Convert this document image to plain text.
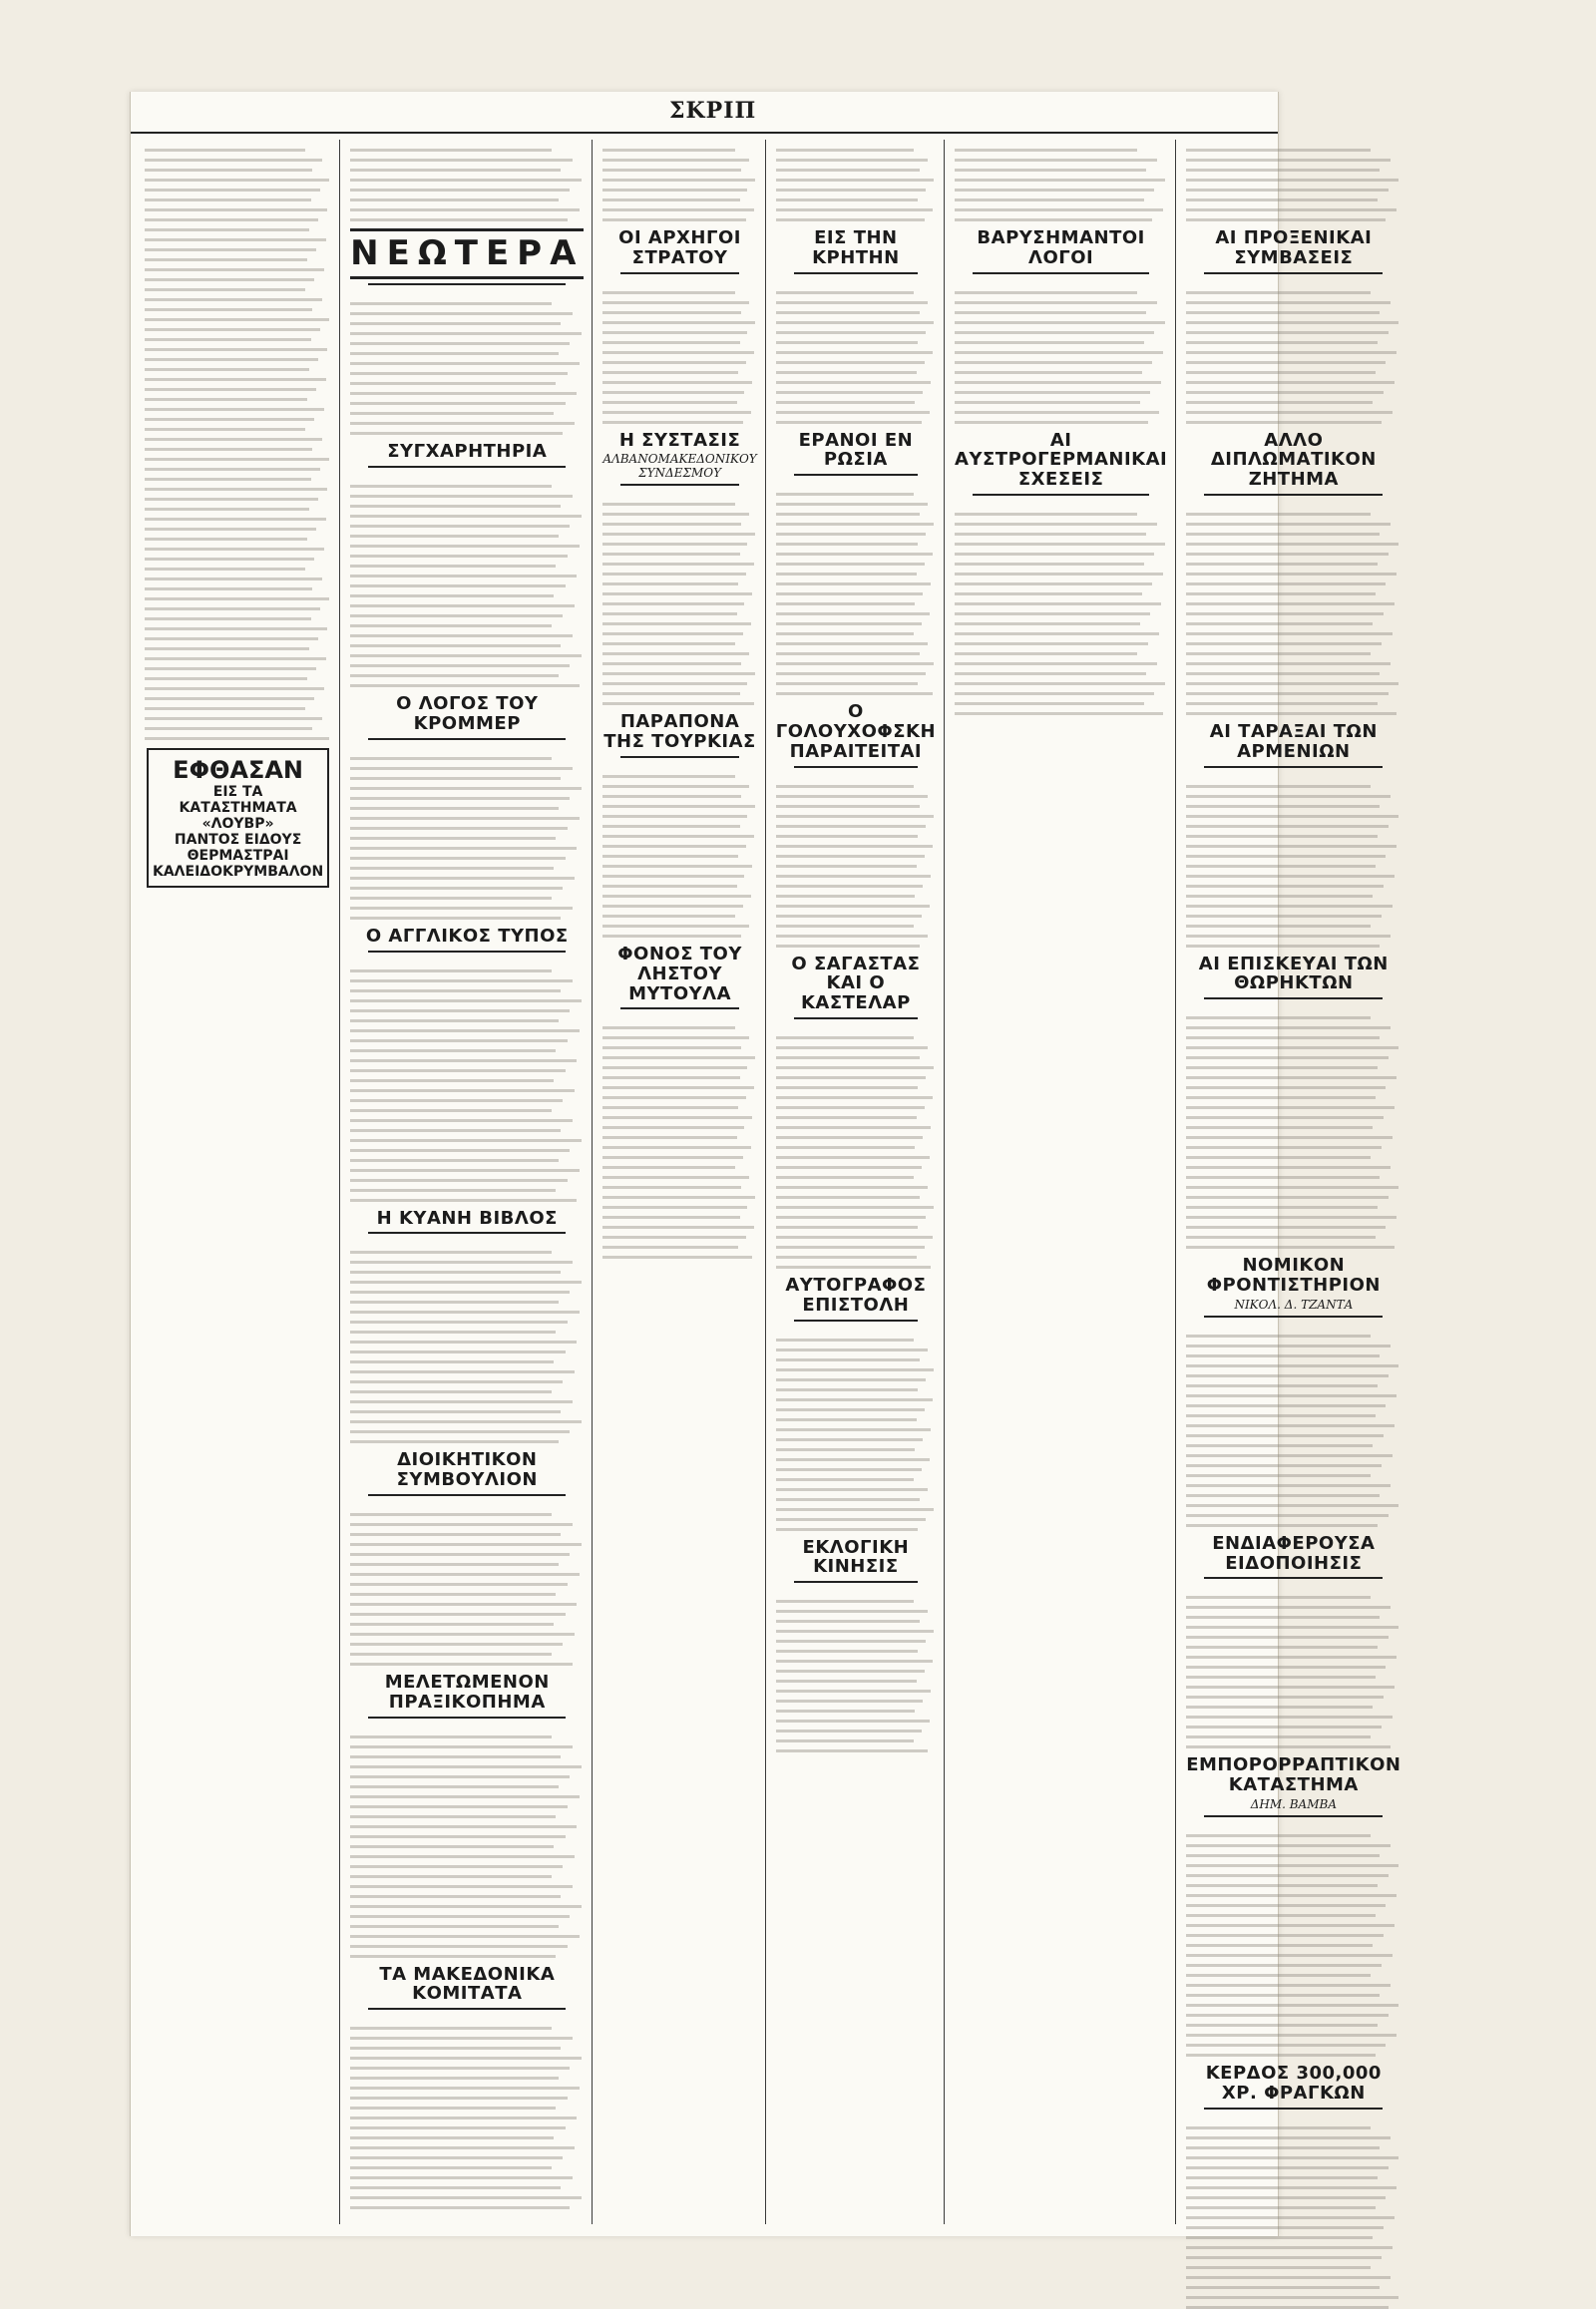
ΣΚΡΙΠ
ΕΦΘΑΣΑΝ
ΕΙΣ ΤΑ ΚΑΤΑΣΤΗΜΑΤΑ «ΛΟΥΒΡ»
ΠΑΝΤΟΣ ΕΙΔΟΥΣ ΘΕΡΜΑΣΤΡΑΙ
ΚΑΛΕΙΔΟΚΡΥΜΒΑΛΟΝ
ΝΕΩΤΕΡΑ
ΣΥΓΧΑΡΗΤΗΡΙΑ
Ο ΛΟΓΟΣ ΤΟΥ ΚΡΟΜΜΕΡ
Ο ΑΓΓΛΙΚΟΣ ΤΥΠΟΣ
Η ΚΥΑΝΗ ΒΙΒΛΟΣ
ΔΙΟΙΚΗΤΙΚΟΝ ΣΥΜΒΟΥΛΙΟΝ
ΜΕΛΕΤΩΜΕΝΟΝ ΠΡΑΞΙΚΟΠΗΜΑ
ΤΑ ΜΑΚΕΔΟΝΙΚΑ ΚΟΜΙΤΑΤΑ
ΟΙ ΑΡΧΗΓΟΙ ΣΤΡΑΤΟΥ
Η ΣΥΣΤΑΣΙΣ

ΑΛΒΑΝΟΜΑΚΕΔΟΝΙΚΟΥ ΣΥΝΔΕΣΜΟΥ

ΠΑΡΑΠΟΝΑ ΤΗΣ ΤΟΥΡΚΙΑΣ
ΦΟΝΟΣ ΤΟΥ ΛΗΣΤΟΥ ΜΥΤΟΥΛΑ
ΕΙΣ ΤΗΝ ΚΡΗΤΗΝ
ΕΡΑΝΟΙ ΕΝ ΡΩΣΙΑ
Ο ΓΟΛΟΥΧΟΦΣΚΗ ΠΑΡΑΙΤΕΙΤΑΙ
Ο ΣΑΓΑΣΤΑΣ ΚΑΙ Ο ΚΑΣΤΕΛΑΡ
ΑΥΤΟΓΡΑΦΟΣ ΕΠΙΣΤΟΛΗ
ΕΚΛΟΓΙΚΗ ΚΙΝΗΣΙΣ
ΒΑΡΥΣΗΜΑΝΤΟΙ ΛΟΓΟΙ
ΑΙ ΑΥΣΤΡΟΓΕΡΜΑΝΙΚΑΙ ΣΧΕΣΕΙΣ
ΑΙ ΠΡΟΞΕΝΙΚΑΙ ΣΥΜΒΑΣΕΙΣ
ΑΛΛΟ ΔΙΠΛΩΜΑΤΙΚΟΝ ΖΗΤΗΜΑ
ΑΙ ΤΑΡΑΞΑΙ ΤΩΝ ΑΡΜΕΝΙΩΝ
ΑΙ ΕΠΙΣΚΕΥΑΙ ΤΩΝ ΘΩΡΗΚΤΩΝ
ΝΟΜΙΚΟΝ ΦΡΟΝΤΙΣΤΗΡΙΟΝ

ΝΙΚΟΛ. Δ. ΤΖΑΝΤΑ

ΕΝΔΙΑΦΕΡΟΥΣΑ ΕΙΔΟΠΟΙΗΣΙΣ
ΕΜΠΟΡΟΡΡΑΠΤΙΚΟΝ ΚΑΤΑΣΤΗΜΑ

ΔΗΜ. ΒΑΜΒΑ

ΚΕΡΔΟΣ 300,000 ΧΡ. ΦΡΑΓΚΩΝ
